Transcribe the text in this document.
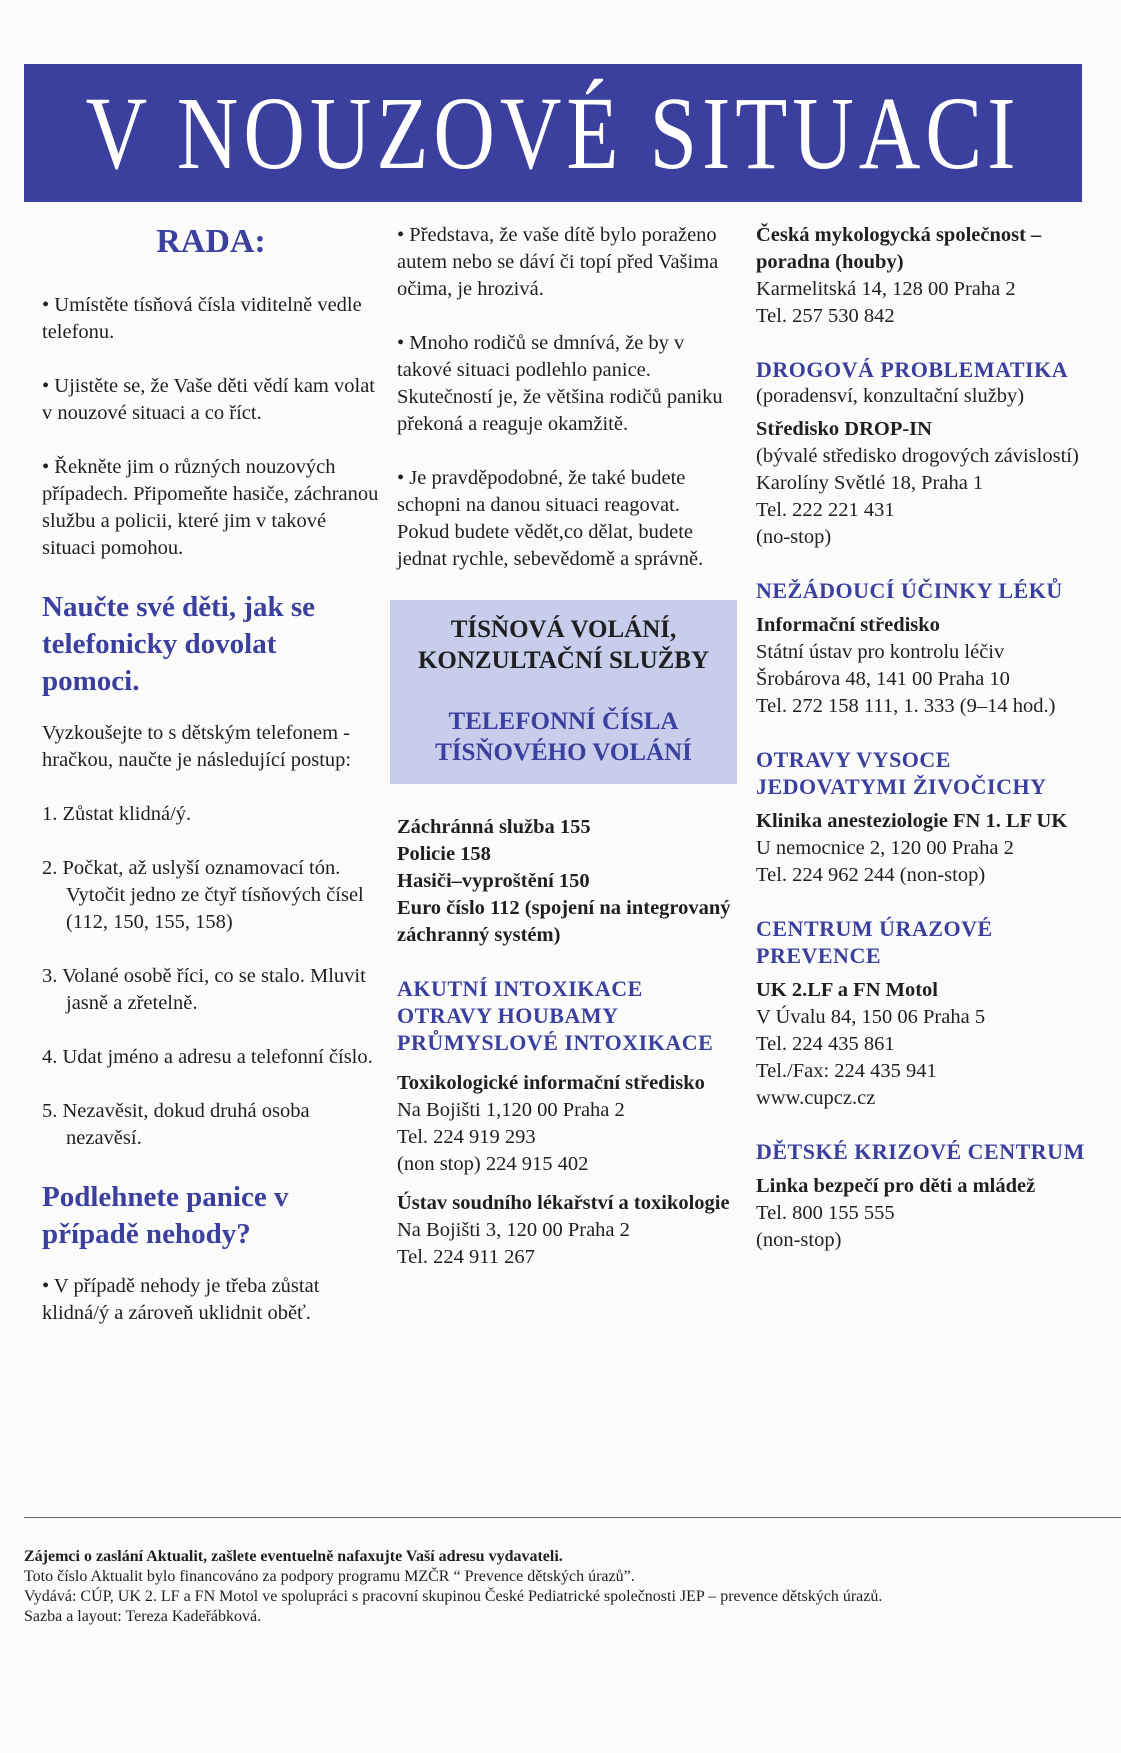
V NOUZOVÉ SITUACI
RADA:

• Umístěte tísňová čísla viditelně vedle telefonu.

• Ujistěte se, že Vaše děti vědí kam volat v nouzové situaci a co říct.

• Řekněte jim o různých nouzových případech. Připomeňte hasiče, záchranou službu a policii, které jim v takové situaci pomohou.

Naučte své děti, jak se telefonicky dovolat pomoci.

Vyzkoušejte to s dětským telefonem - hračkou, naučte je následující postup:

1. Zůstat klidná/ý.
2. Počkat, až uslyší oznamovací tón. Vytočit jedno ze čtyř tísňových čísel (112, 150, 155, 158)
3. Volané osobě říci, co se stalo. Mluvit jasně a zřetelně.
4. Udat jméno a adresu a telefonní číslo.
5. Nezavěsit, dokud druhá osoba nezavěsí.
Podlehnete panice v případě nehody?

• V případě nehody je třeba zůstat klidná/ý a zároveň uklidnit oběť.

• Představa, že vaše dítě bylo poraženo autem nebo se dáví či topí před Vašima očima, je hrozivá.

• Mnoho rodičů se dmnívá, že by v takové situaci podlehlo panice. Skutečností je, že většina rodičů paniku překoná a reaguje okamžitě.

• Je pravděpodobné, že také budete schopni na danou situaci reagovat. Pokud budete vědět,co dělat, budete jednat rychle, sebevědomě a správně.

TÍSŇOVÁ VOLÁNÍ, KONZULTAČNÍ SLUŽBY
TELEFONNÍ ČÍSLA TÍSŇOVÉHO VOLÁNÍ
Záchránná služba 155
Policie 158
Hasiči–vyproštění 150
Euro číslo 112 (spojení na integrovaný záchranný systém)
AKUTNÍ INTOXIKACE OTRAVY HOUBAMY PRŮMYSLOVÉ INTOXIKACE
Toxikologické informační středisko
Na Bojišti 1,120 00 Praha 2
Tel. 224 919 293
(non stop) 224 915 402
Ústav soudního lékařství a toxikologie
Na Bojišti 3, 120 00 Praha 2
Tel. 224 911 267
Česká mykologycká společnost – poradna (houby)
Karmelitská 14, 128 00 Praha 2
Tel. 257 530 842
DROGOVÁ PROBLEMATIKA
(poradensví, konzultační služby)
Středisko DROP-IN
(bývalé středisko drogových závislostí)
Karolíny Světlé 18, Praha 1
Tel. 222 221 431
(no-stop)
NEŽÁDOUCÍ ÚČINKY LÉKŮ
Informační středisko
Státní ústav pro kontrolu léčiv
Šrobárova 48, 141 00 Praha 10
Tel. 272 158 111, 1. 333 (9–14 hod.)
OTRAVY VYSOCE JEDOVATYMI ŽIVOČICHY
Klinika anesteziologie FN 1. LF UK
U nemocnice 2, 120 00 Praha 2
Tel. 224 962 244 (non-stop)
CENTRUM ÚRAZOVÉ PREVENCE
UK 2.LF a FN Motol
V Úvalu 84, 150 06 Praha 5
Tel. 224 435 861
Tel./Fax: 224 435 941
www.cupcz.cz
DĚTSKÉ KRIZOVÉ CENTRUM
Linka bezpečí pro děti a mládež
Tel. 800 155 555
(non-stop)
Zájemci o zaslání Aktualit, zašlete eventuelně nafaxujte Vaší adresu vydavateli.
Toto číslo Aktualit bylo financováno za podpory programu MZČR “ Prevence dětských úrazů”.
Vydává: CÚP, UK 2. LF a FN Motol ve spolupráci s pracovní skupinou České Pediatrické společnosti JEP – prevence dětských úrazů.
Sazba a layout: Tereza Kadeřábková.
